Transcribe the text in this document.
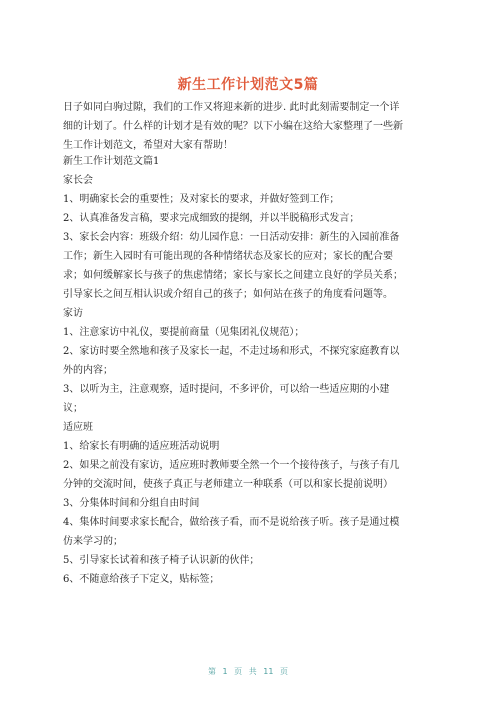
新生工作计划范文5篇
日子如同白驹过隙，我们的工作又将迎来新的进步. 此时此刻需要制定一个详
细的计划了。什么样的计划才是有效的呢？以下小编在这给大家整理了一些新
生工作计划范文，希望对大家有帮助！
新生工作计划范文篇1
家长会
1、明确家长会的重要性；及对家长的要求，并做好签到工作；
2、认真准备发言稿，要求完成细致的提纲，并以半脱稿形式发言；
3、家长会内容：班级介绍：幼儿园作息：一日活动安排：新生的入园前准备
工作；新生入园时有可能出现的各种情绪状态及家长的应对；家长的配合要
求；如何缓解家长与孩子的焦虑情绪；家长与家长之间建立良好的学员关系；
引导家长之间互相认识或介绍自己的孩子；如何站在孩子的角度看问题等。
家访
1、注意家访中礼仪，要提前商量（见集团礼仪规范）；
2、家访时要全然地和孩子及家长一起，不走过场和形式，不探究家庭教育以
外的内容；
3、以听为主，注意观察，适时提问，不多评价，可以给一些适应期的小建
议；
适应班
1、给家长有明确的适应班活动说明
2、如果之前没有家访，适应班时教师要全然一个一个接待孩子，与孩子有几
分钟的交流时间，使孩子真正与老师建立一种联系（可以和家长提前说明）
3、分集体时间和分组自由时间
4、集体时间要求家长配合，做给孩子看，而不是说给孩子听。孩子是通过模
仿来学习的；
5、引导家长试着和孩子椅子认识新的伙伴；
6、不随意给孩子下定义，贴标签；
第 1 页 共 11 页
